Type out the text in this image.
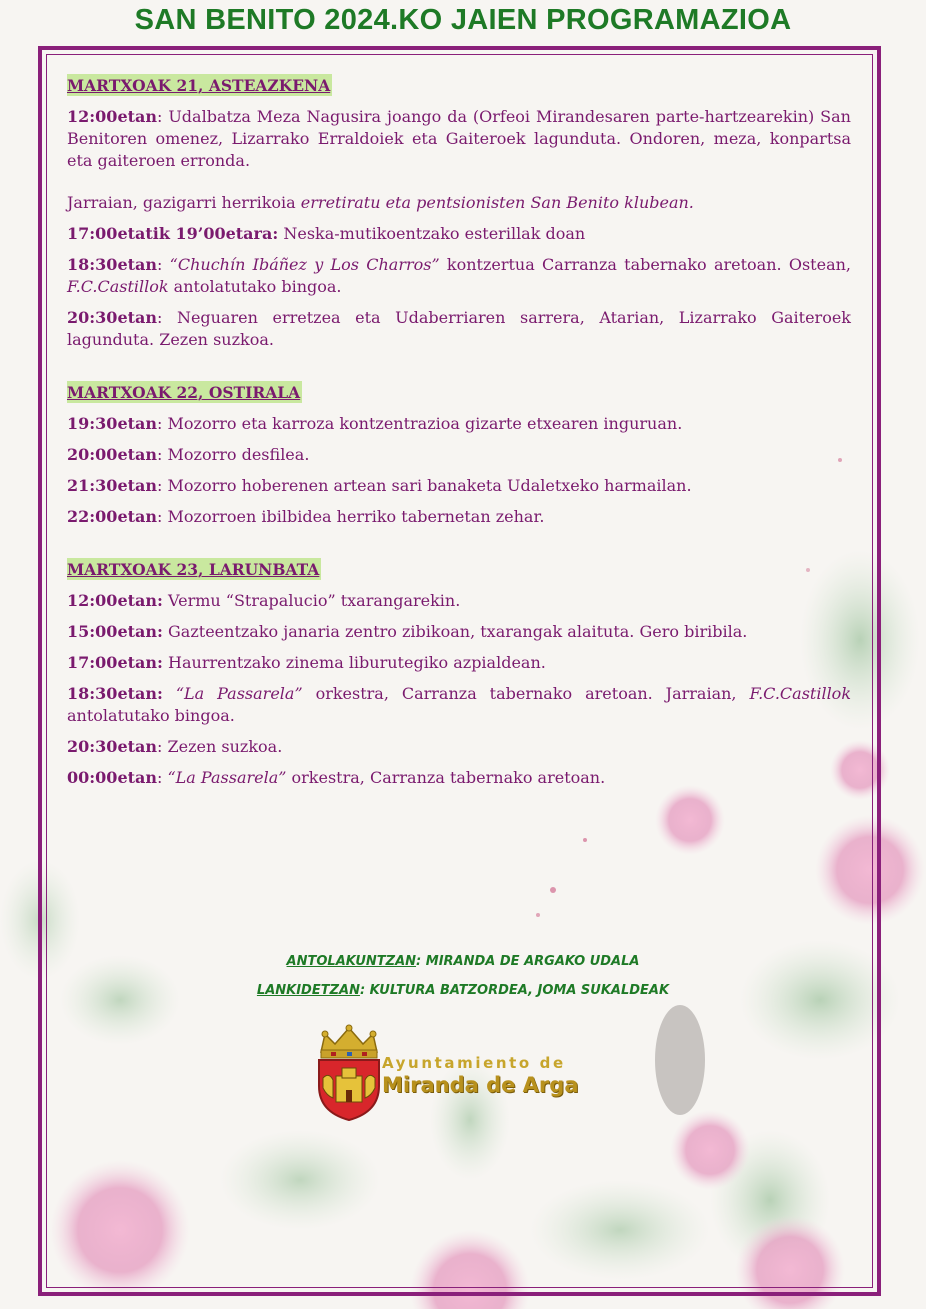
SAN BENITO 2024.KO JAIEN PROGRAMAZIOA
MARTXOAK 21, ASTEAZKENA

12:00etan: Udalbatza Meza Nagusira joango da (Orfeoi Mirandesaren parte-hartzearekin) San Benitoren omenez, Lizarrako Erraldoiek eta Gaiteroek lagunduta. Ondoren, meza, konpartsa eta gaiteroen erronda.

Jarraian, gazigarri herrikoia erretiratu eta pentsionisten San Benito klubean.

17:00etatik 19’00etara: Neska-mutikoentzako esterillak doan

18:30etan: “Chuchín Ibáñez y Los Charros” kontzertua Carranza tabernako aretoan. Ostean, F.C.Castillok antolatutako bingoa.

20:30etan: Neguaren erretzea eta Udaberriaren sarrera, Atarian, Lizarrako Gaiteroek lagunduta. Zezen suzkoa.

MARTXOAK 22, OSTIRALA

19:30etan: Mozorro eta karroza kontzentrazioa gizarte etxearen inguruan.

20:00etan: Mozorro desfilea.

21:30etan: Mozorro hoberenen artean sari banaketa Udaletxeko harmailan.

22:00etan: Mozorroen ibilbidea herriko tabernetan zehar.

MARTXOAK 23, LARUNBATA

12:00etan: Vermu “Strapalucio” txarangarekin.

15:00etan: Gazteentzako janaria zentro zibikoan, txarangak alaituta. Gero biribila.

17:00etan: Haurrentzako zinema liburutegiko azpialdean.

18:30etan: “La Passarela” orkestra, Carranza tabernako aretoan. Jarraian, F.C.Castillok antolatutako bingoa.

20:30etan: Zezen suzkoa.

00:00etan: “La Passarela” orkestra, Carranza tabernako aretoan.

ANTOLAKUNTZAN: MIRANDA DE ARGAKO UDALA
LANKIDETZAN: KULTURA BATZORDEA, JOMA SUKALDEAK
Ayuntamiento de
Miranda de Arga
